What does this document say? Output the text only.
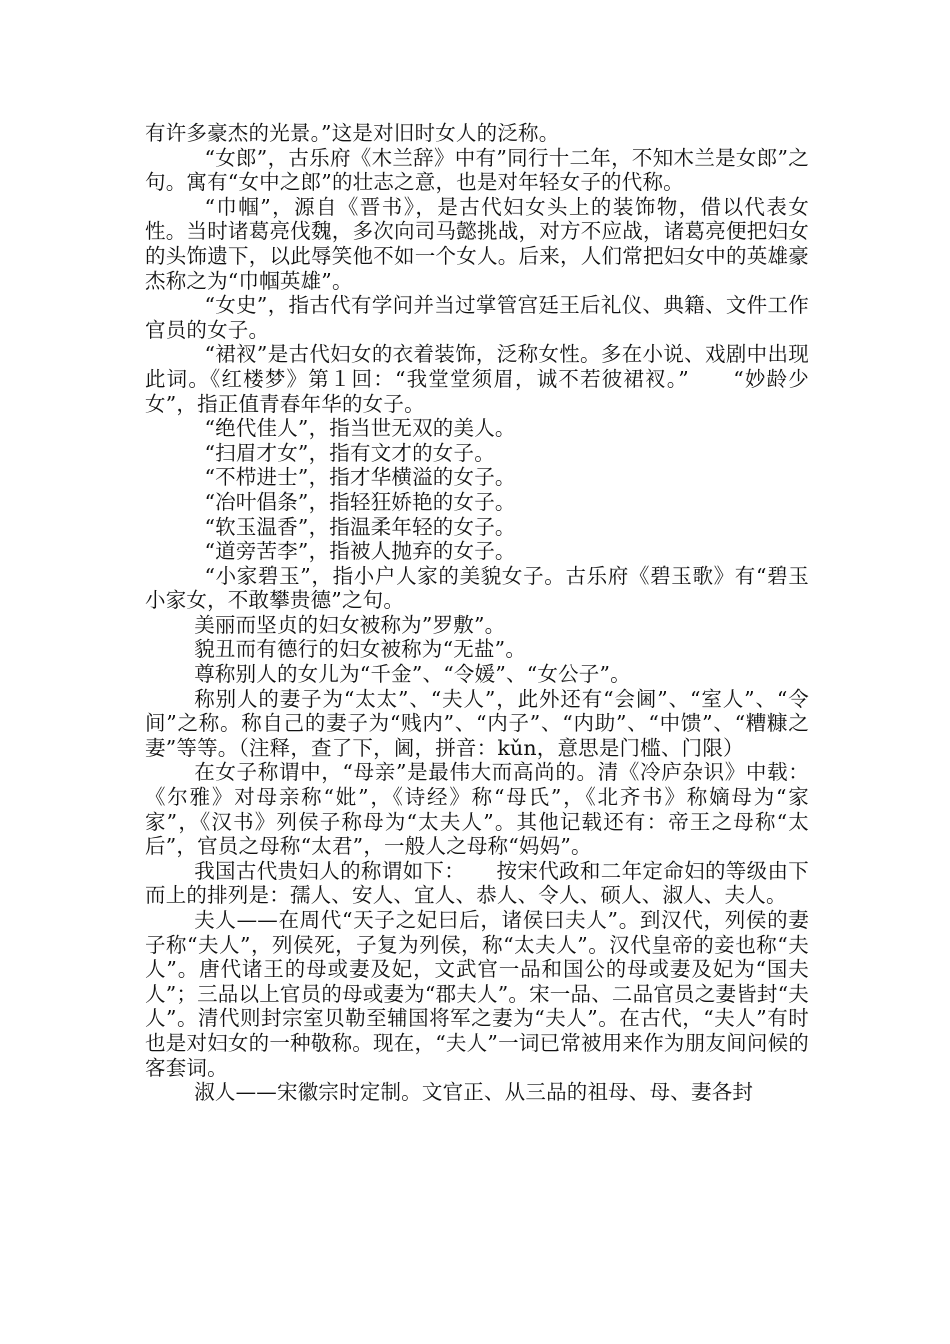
有许多豪杰的光景。”这是对旧时女人的泛称。

“女郎”，古乐府《木兰辞》中有”同行十二年，不知木兰是女郎”之句。寓有“女中之郎”的壮志之意，也是对年轻女子的代称。

“巾帼”，源自《晋书》，是古代妇女头上的装饰物，借以代表女性。当时诸葛亮伐魏，多次向司马懿挑战，对方不应战，诸葛亮便把妇女的头饰遗下，以此辱笑他不如一个女人。后来，人们常把妇女中的英雄豪杰称之为“巾帼英雄”。

“女史”，指古代有学问并当过掌管宫廷王后礼仪、典籍、文件工作官员的女子。

“裙衩”是古代妇女的衣着装饰，泛称女性。多在小说、戏剧中出现此词。《红楼梦》第１回：“我堂堂须眉，诚不若彼裙衩。”　　“妙龄少女”，指正值青春年华的女子。

“绝代佳人”，指当世无双的美人。

“扫眉才女”，指有文才的女子。

“不栉进士”，指才华横溢的女子。

“冶叶倡条”，指轻狂娇艳的女子。

“软玉温香”，指温柔年轻的女子。

“道旁苦李”，指被人抛弃的女子。

“小家碧玉”，指小户人家的美貌女子。古乐府《碧玉歌》有“碧玉小家女，不敢攀贵德”之句。

美丽而坚贞的妇女被称为”罗敷”。

貌丑而有德行的妇女被称为“无盐”。

尊称别人的女儿为“千金”、“令媛”、“女公子”。

称别人的妻子为“太太”、“夫人”，此外还有“会阃”、“室人”、“令间”之称。称自己的妻子为“贱内”、“内子”、“内助”、“中馈”、“糟糠之妻”等等。（注释，查了下，阃，拼音：kǔn，意思是门槛、门限）

在女子称谓中，“母亲”是最伟大而高尚的。清《冷庐杂识》中载：《尔雅》对母亲称“妣”，《诗经》称“母氏”，《北齐书》称嫡母为“家家”，《汉书》列侯子称母为“太夫人”。其他记载还有：帝王之母称“太后”，官员之母称“太君”，一般人之母称“妈妈”。

我国古代贵妇人的称谓如下：　　按宋代政和二年定命妇的等级由下而上的排列是：孺人、安人、宜人、恭人、令人、硕人、淑人、夫人。

夫人——在周代“天子之妃曰后，诸侯曰夫人”。到汉代，列侯的妻子称“夫人”，列侯死，子复为列侯，称“太夫人”。汉代皇帝的妾也称“夫人”。唐代诸王的母或妻及妃，文武官一品和国公的母或妻及妃为“国夫人”；三品以上官员的母或妻为“郡夫人”。宋一品、二品官员之妻皆封“夫人”。清代则封宗室贝勒至辅国将军之妻为“夫人”。在古代，“夫人”有时也是对妇女的一种敬称。现在，“夫人”一词已常被用来作为朋友间问候的客套词。

淑人——宋徽宗时定制。文官正、从三品的祖母、母、妻各封
